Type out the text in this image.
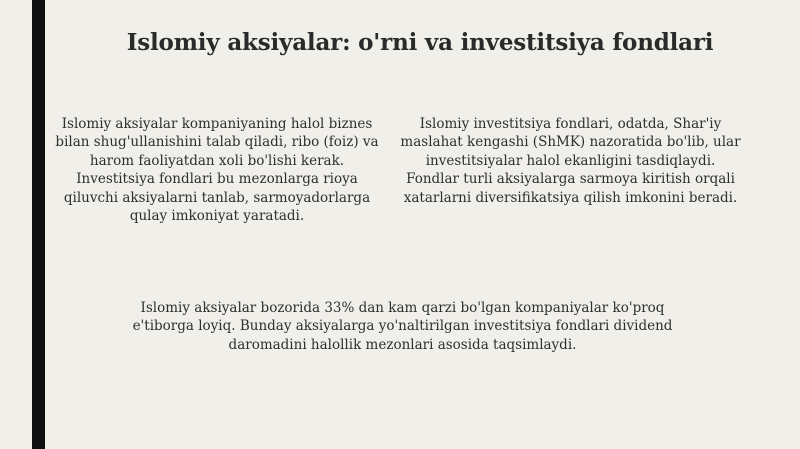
Islomiy aksiyalar: o'rni va investitsiya fondlari
Islomiy aksiyalar kompaniyaning halol biznes bilan shug'ullanishini talab qiladi, ribo (foiz) va harom faoliyatdan xoli bo'lishi kerak. Investitsiya fondlari bu mezonlarga rioya qiluvchi aksiyalarni tanlab, sarmoyadorlarga qulay imkoniyat yaratadi.
Islomiy investitsiya fondlari, odatda, Shar'iy maslahat kengashi (ShMK) nazoratida bo'lib, ular investitsiyalar halol ekanligini tasdiqlaydi. Fondlar turli aksiyalarga sarmoya kiritish orqali xatarlarni diversifikatsiya qilish imkonini beradi.
Islomiy aksiyalar bozorida 33% dan kam qarzi bo'lgan kompaniyalar ko'proq e'tiborga loyiq. Bunday aksiyalarga yo'naltirilgan investitsiya fondlari dividend daromadini halollik mezonlari asosida taqsimlaydi.
